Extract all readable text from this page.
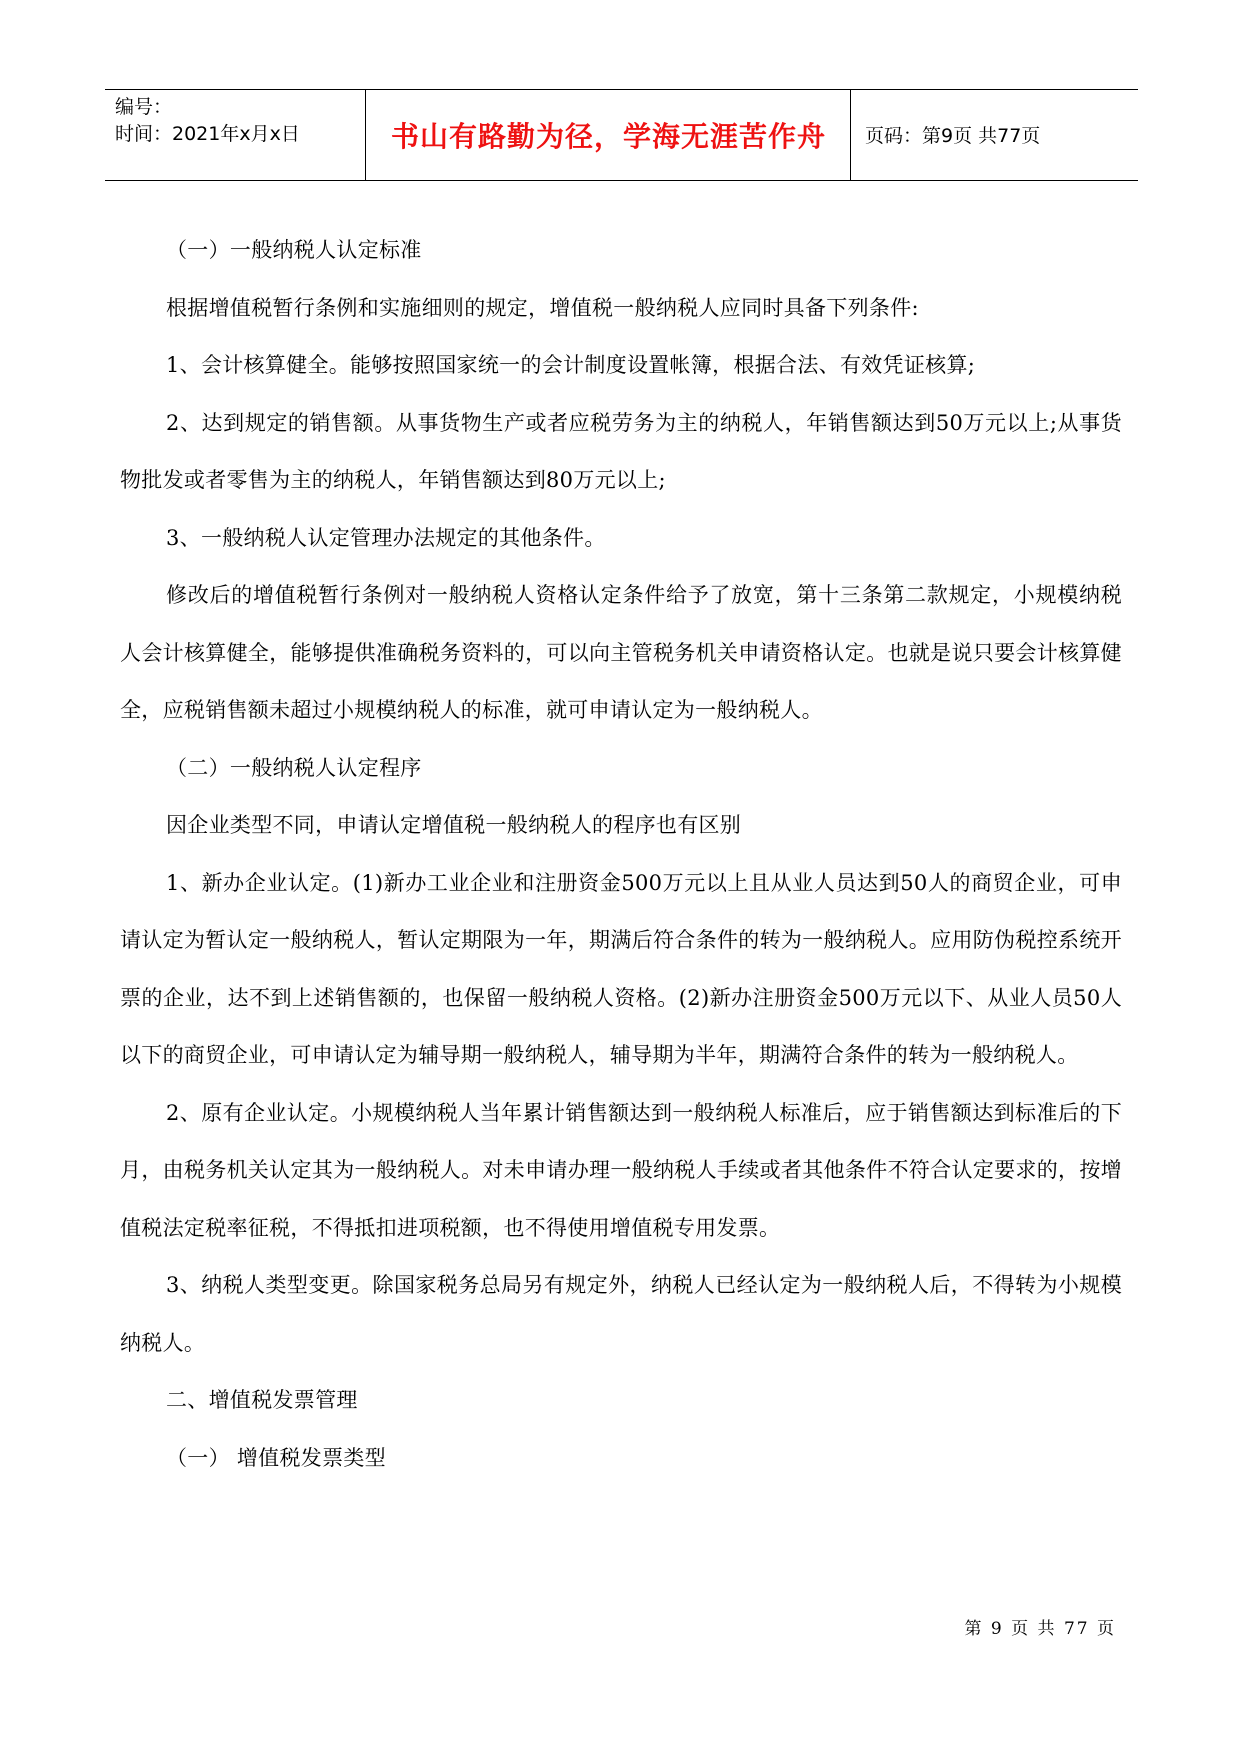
编号：
时间：2021年x月x日	书山有路勤为径，学海无涯苦作舟	页码：第9页 共77页

（一）一般纳税人认定标准

根据增值税暂行条例和实施细则的规定，增值税一般纳税人应同时具备下列条件:

1、会计核算健全。能够按照国家统一的会计制度设置帐簿，根据合法、有效凭证核算;

2、达到规定的销售额。从事货物生产或者应税劳务为主的纳税人，年销售额达到50万元以上;从事货物批发或者零售为主的纳税人，年销售额达到80万元以上;

3、一般纳税人认定管理办法规定的其他条件。

修改后的增值税暂行条例对一般纳税人资格认定条件给予了放宽，第十三条第二款规定，小规模纳税人会计核算健全，能够提供准确税务资料的，可以向主管税务机关申请资格认定。也就是说只要会计核算健全，应税销售额未超过小规模纳税人的标准，就可申请认定为一般纳税人。

（二）一般纳税人认定程序

因企业类型不同，申请认定增值税一般纳税人的程序也有区别

1、新办企业认定。(1)新办工业企业和注册资金500万元以上且从业人员达到50人的商贸企业，可申请认定为暂认定一般纳税人，暂认定期限为一年，期满后符合条件的转为一般纳税人。应用防伪税控系统开票的企业，达不到上述销售额的，也保留一般纳税人资格。(2)新办注册资金500万元以下、从业人员50人以下的商贸企业，可申请认定为辅导期一般纳税人，辅导期为半年，期满符合条件的转为一般纳税人。

2、原有企业认定。小规模纳税人当年累计销售额达到一般纳税人标准后，应于销售额达到标准后的下月，由税务机关认定其为一般纳税人。对未申请办理一般纳税人手续或者其他条件不符合认定要求的，按增值税法定税率征税，不得抵扣进项税额，也不得使用增值税专用发票。

3、纳税人类型变更。除国家税务总局另有规定外，纳税人已经认定为一般纳税人后，不得转为小规模纳税人。

二、增值税发票管理

（一） 增值税发票类型

第 9 页 共 77 页
